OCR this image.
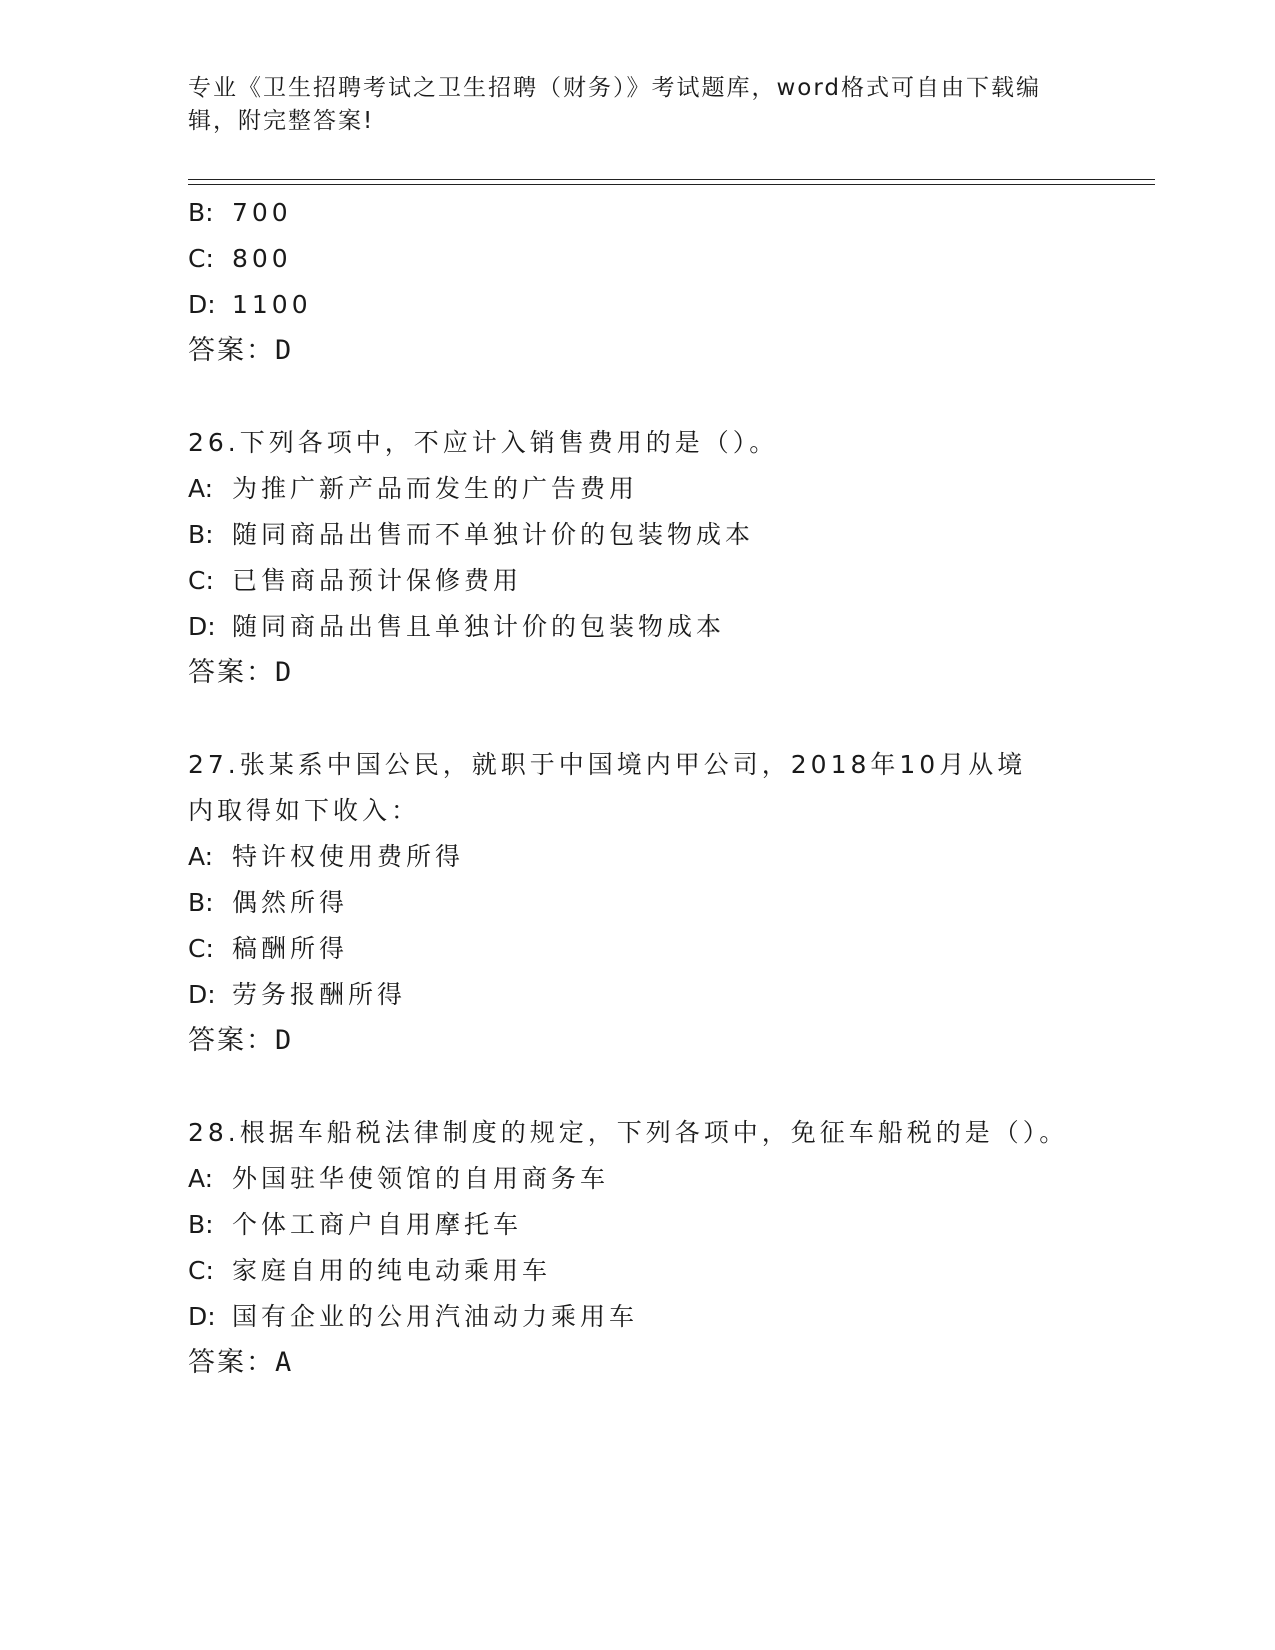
专业《卫生招聘考试之卫生招聘（财务）》考试题库，word格式可自由下载编辑，附完整答案!
B: 700
C: 800
D: 1100
答案：D
26.下列各项中，不应计入销售费用的是（）。
A: 为推广新产品而发生的广告费用
B: 随同商品出售而不单独计价的包装物成本
C: 已售商品预计保修费用
D: 随同商品出售且单独计价的包装物成本
答案：D
27.张某系中国公民，就职于中国境内甲公司，2018年10月从境内取得如下收入：
A: 特许权使用费所得
B: 偶然所得
C: 稿酬所得
D: 劳务报酬所得
答案：D
28.根据车船税法律制度的规定，下列各项中，免征车船税的是（）。
A: 外国驻华使领馆的自用商务车
B: 个体工商户自用摩托车
C: 家庭自用的纯电动乘用车
D: 国有企业的公用汽油动力乘用车
答案：A
